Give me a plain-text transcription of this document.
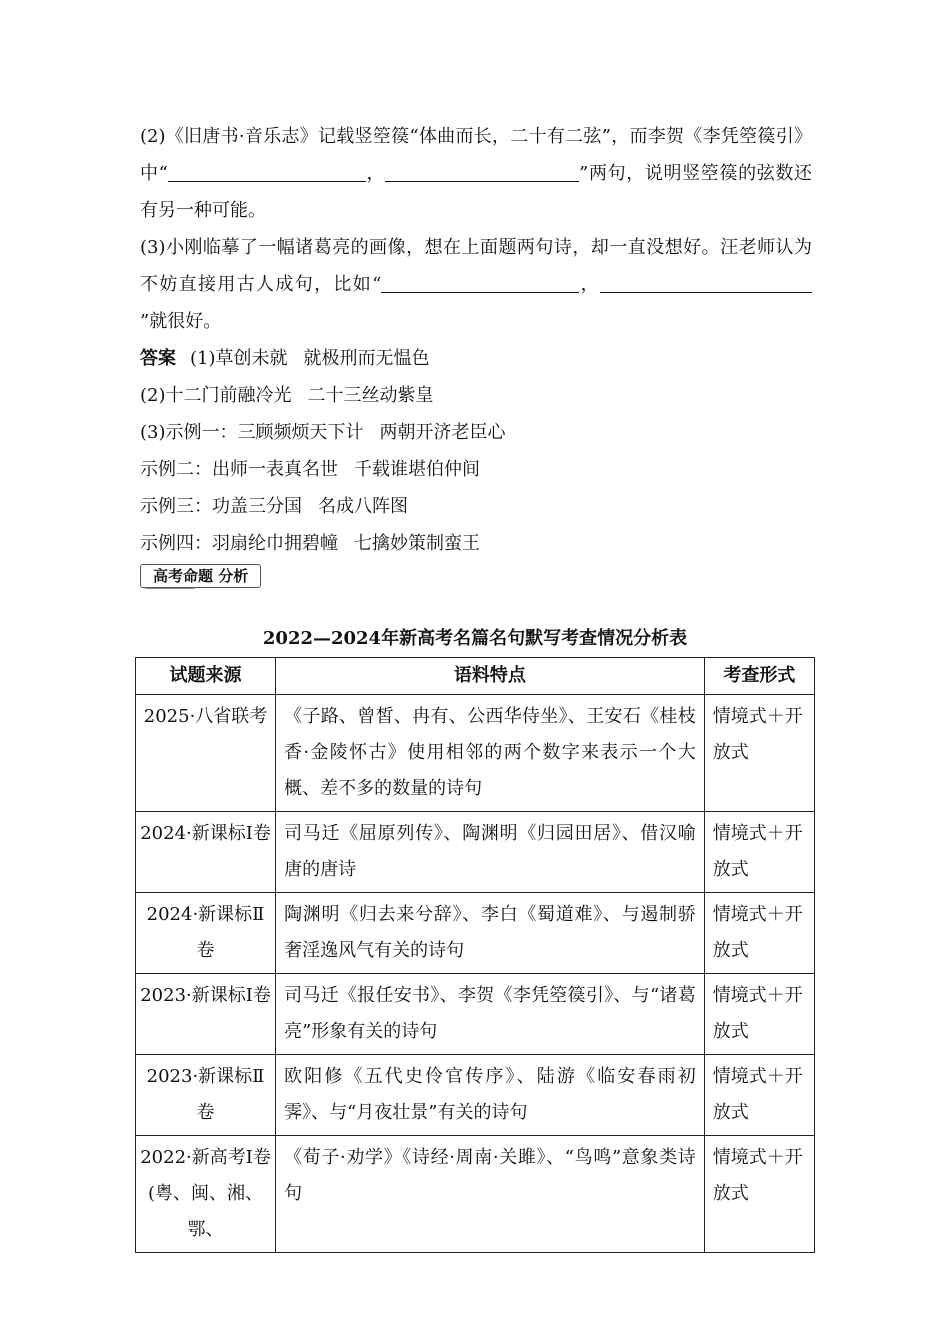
(2)《旧唐书·音乐志》记载竖箜篌“体曲而长，二十有二弦”，而李贺《李凭箜篌引》中“	，	”两句，说明竖箜篌的弦数还有另一种可能。

(3)小刚临摹了一幅诸葛亮的画像，想在上面题两句诗，却一直没想好。汪老师认为不妨直接用古人成句，比如“	，”就很好。

答案 (1)草创未就 就极刑而无愠色

(2)十二门前融冷光 二十三丝动紫皇

(3)示例一：三顾频烦天下计 两朝开济老臣心

示例二：出师一表真名世 千载谁堪伯仲间

示例三：功盖三分国 名成八阵图

示例四：羽扇纶巾拥碧幢 七擒妙策制蛮王

高考命题 分析
2022—2024年新高考名篇名句默写考查情况分析表
试题来源	语料特点	考查形式
2025·八省联考	《子路、曾皙、冉有、公西华侍坐》、王安石《桂枝香·金陵怀古》使用相邻的两个数字来表示一个大概、差不多的数量的诗句	情境式＋开放式
2024·新课标Ⅰ卷	司马迁《屈原列传》、陶渊明《归园田居》、借汉喻唐的唐诗	情境式＋开放式
2024·新课标Ⅱ卷	陶渊明《归去来兮辞》、李白《蜀道难》、与遏制骄奢淫逸风气有关的诗句	情境式＋开放式
2023·新课标Ⅰ卷	司马迁《报任安书》、李贺《李凭箜篌引》、与“诸葛亮”形象有关的诗句	情境式＋开放式
2023·新课标Ⅱ卷	欧阳修《五代史伶官传序》、陆游《临安春雨初霁》、与“月夜壮景”有关的诗句	情境式＋开放式
2022·新高考Ⅰ卷(粤、闽、湘、鄂、	《荀子·劝学》《诗经·周南·关雎》、“鸟鸣”意象类诗句	情境式＋开放式
